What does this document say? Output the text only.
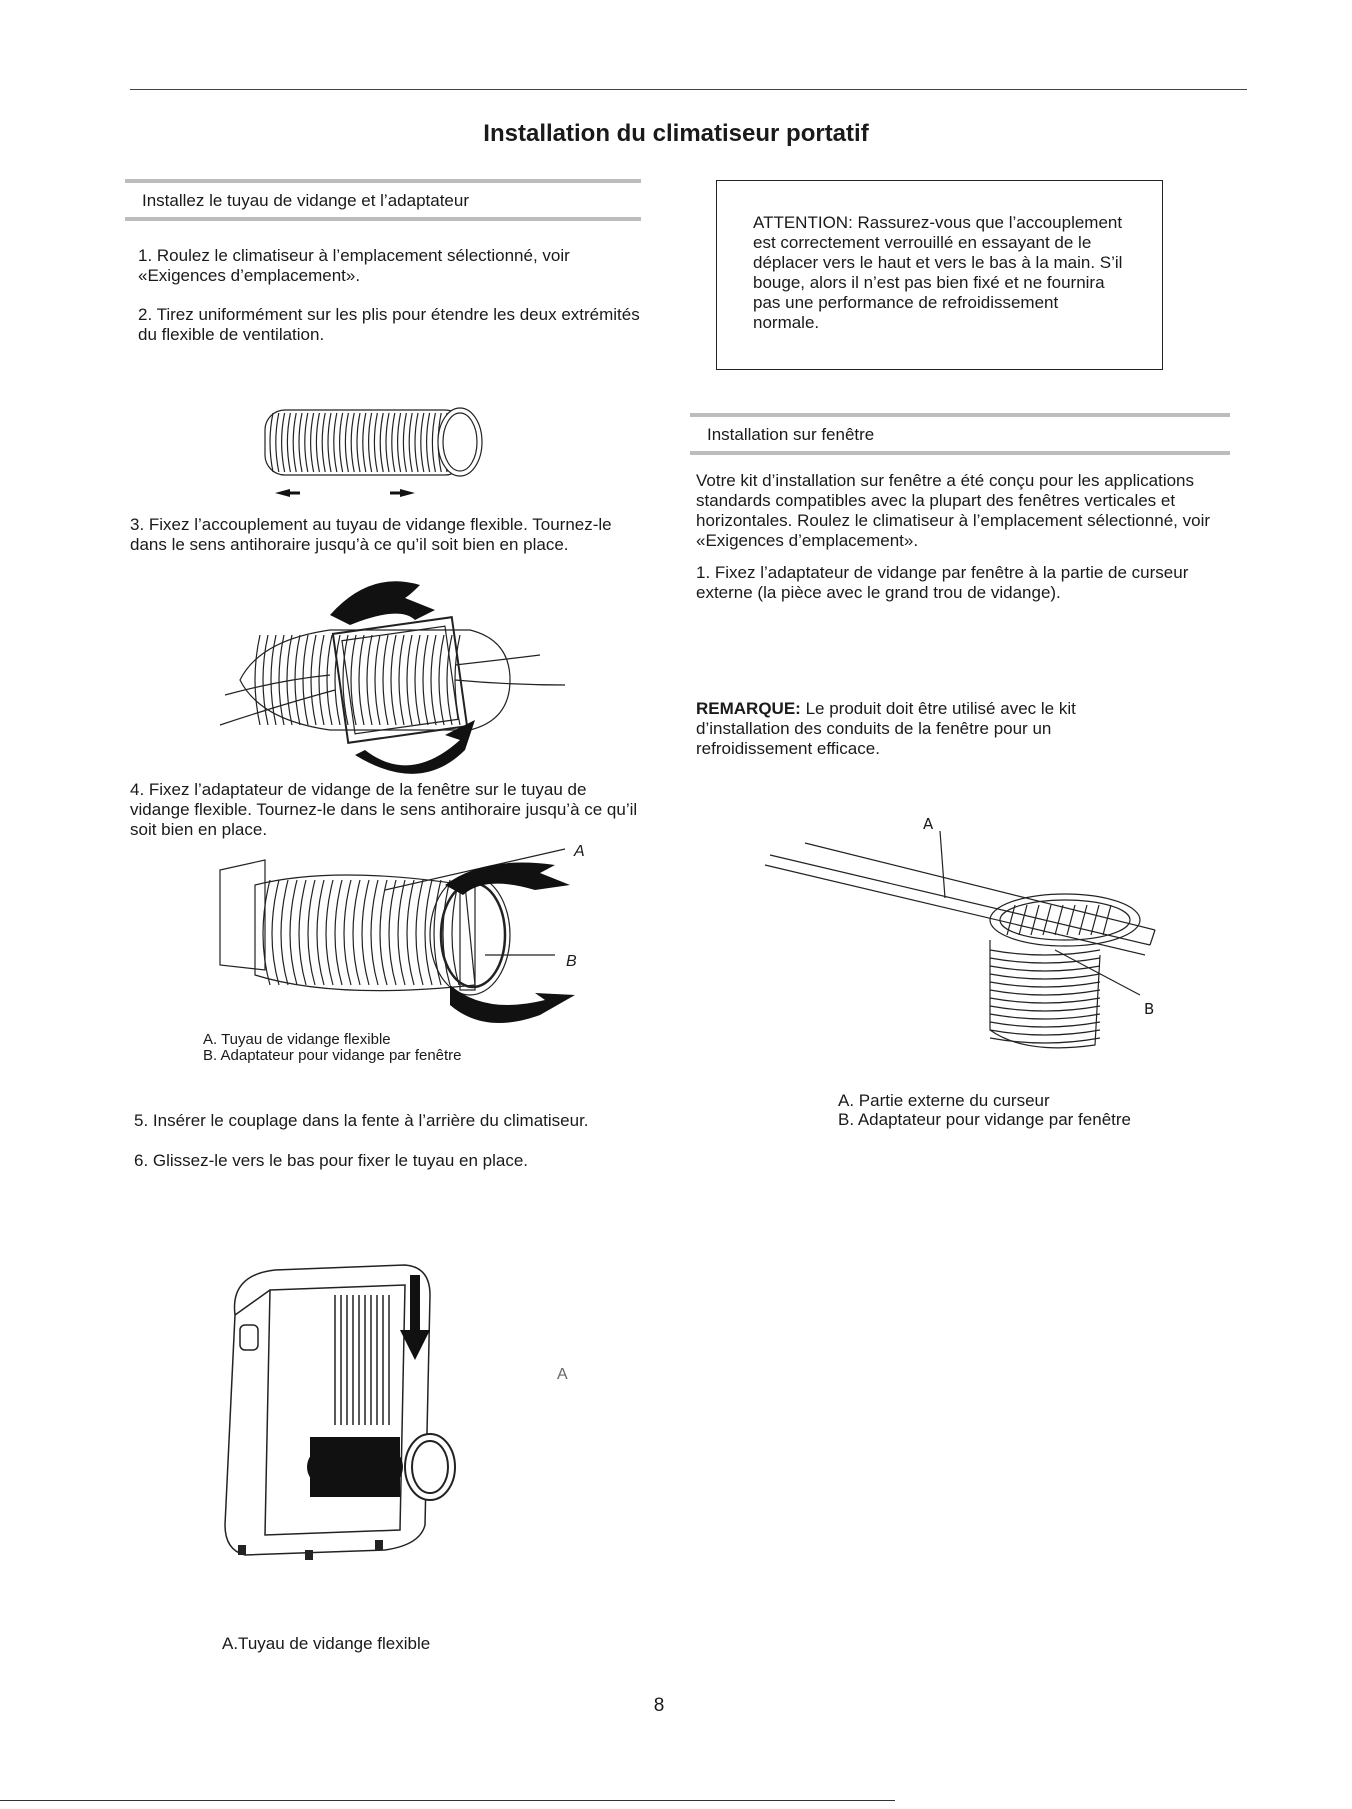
Installation du climatiseur portatif
Installez le tuyau de vidange et l’adaptateur
1. Roulez le climatiseur à l’emplacement sélectionné, voir «Exigences d’emplacement».
2. Tirez uniformément sur les plis pour étendre les deux extrémités du flexible de ventilation.
3. Fixez l’accouplement au tuyau de vidange flexible. Tournez-le dans le sens antihoraire jusqu’à ce qu’il soit bien en place.
4. Fixez l’adaptateur de vidange de la fenêtre sur le tuyau de vidange flexible. Tournez-le dans le sens antihoraire jusqu’à ce qu’il soit bien en place.
A
B
A. Tuyau de vidange flexible
B. Adaptateur pour vidange par fenêtre
5. Insérer le couplage dans la fente à l’arrière du climatiseur.
6. Glissez-le vers le bas pour fixer le tuyau en place.
A
A.Tuyau de vidange flexible
ATTENTION: Rassurez-vous que l’accouplement est correctement verrouillé en essayant de le déplacer vers le haut et vers le bas à la main. S’il bouge, alors il n’est pas bien fixé et ne fournira pas une performance de refroidissement normale.
Installation sur fenêtre
Votre kit d’installation sur fenêtre a été conçu pour les applications standards compatibles avec la plupart des fenêtres verticales et horizontales. Roulez le climatiseur à l’emplacement sélectionné, voir «Exigences d’emplacement».
1. Fixez l’adaptateur de vidange par fenêtre à la partie de curseur externe (la pièce avec le grand trou de vidange).
REMARQUE: Le produit doit être utilisé avec le kit d’installation des conduits de la fenêtre pour un refroidissement efficace.
A
B
A. Partie externe du curseur
B. Adaptateur pour vidange par fenêtre
8
